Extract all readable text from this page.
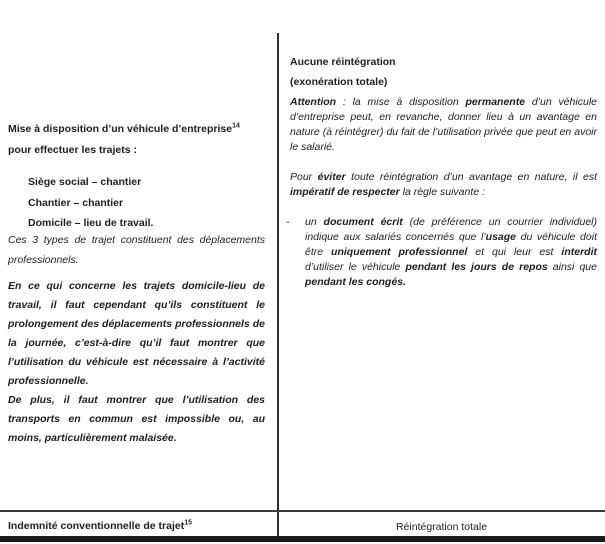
Mise à disposition d’un véhicule d’entreprise$^{14}$
pour effectuer les trajets :

Siège social – chantier
Chantier – chantier
Domicile – lieu de travail.

Ces 3 types de trajet constituent des déplacements professionnels.

En ce qui concerne les trajets domicile-lieu de travail, il faut cependant qu’ils constituent le prolongement des déplacements professionnels de la journée, c’est-à-dire qu’il faut montrer que l’utilisation du véhicule est nécessaire à l’activité professionnelle.
De plus, il faut montrer que l’utilisation des transports en commun est impossible ou, au moins, particulièrement malaisée.

Aucune réintégration
(exonération totale)

Attention : la mise à disposition permanente d’un véhicule d’entreprise peut, en revanche, donner lieu à un avantage en nature (à réintégrer) du fait de l’utilisation privée que peut en avoir le salarié.

Pour éviter toute réintégration d’un avantage en nature, il est impératif de respecter la règle suivante :

-	un document écrit (de préférence un courrier individuel) indique aux salariés concernés que l’usage du véhicule doit être uniquement professionnel et qui leur est interdit d’utiliser le véhicule pendant les jours de repos ainsi que pendant les congés.
Indemnité conventionnelle de trajet$^{15}$	Réintégration totale
